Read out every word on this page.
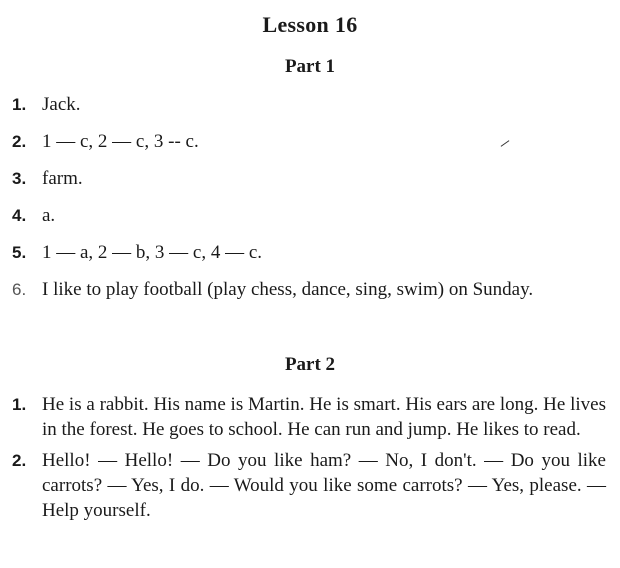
Lesson 16
Part 1
1. Jack.
2. 1 — c, 2 — c, 3 -- c.
3. farm.
4. a.
5. 1 — a, 2 — b, 3 — c, 4 — c.
6. I like to play football (play chess, dance, sing, swim) on Sunday.
Part 2
1. He is a rabbit. His name is Martin. He is smart. His ears are long. He lives in the forest. He goes to school. He can run and jump. He likes to read.
2. Hello! — Hello! — Do you like ham? — No, I don't. — Do you like carrots? — Yes, I do. — Would you like some carrots? — Yes, please. — Help yourself.
